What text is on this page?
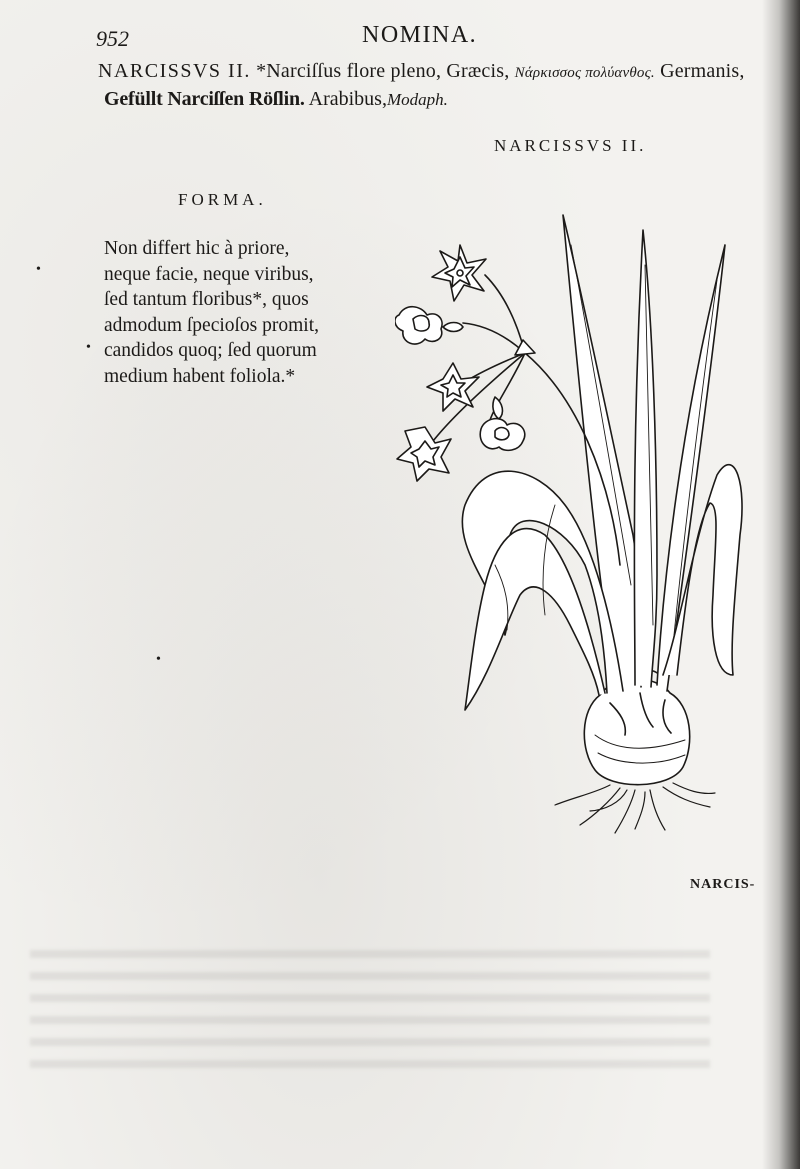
952	NOMINA.
NARCISSVS II. *Narciſſus flore pleno, Græcis, Νάρκισσος πολύανθος. Germanis,
Gefüllt Narciſſen Röſlin. Arabibus,Modaph.
NARCISSVS II.
FORMA.
Non differt hic à priore,
neque facie, neque viribus,
ſed tantum floribus*, quos
admodum ſpecioſos promit,
candidos quoq; ſed quorum
medium habent foliola.*
•
•
•
NARCIS-
